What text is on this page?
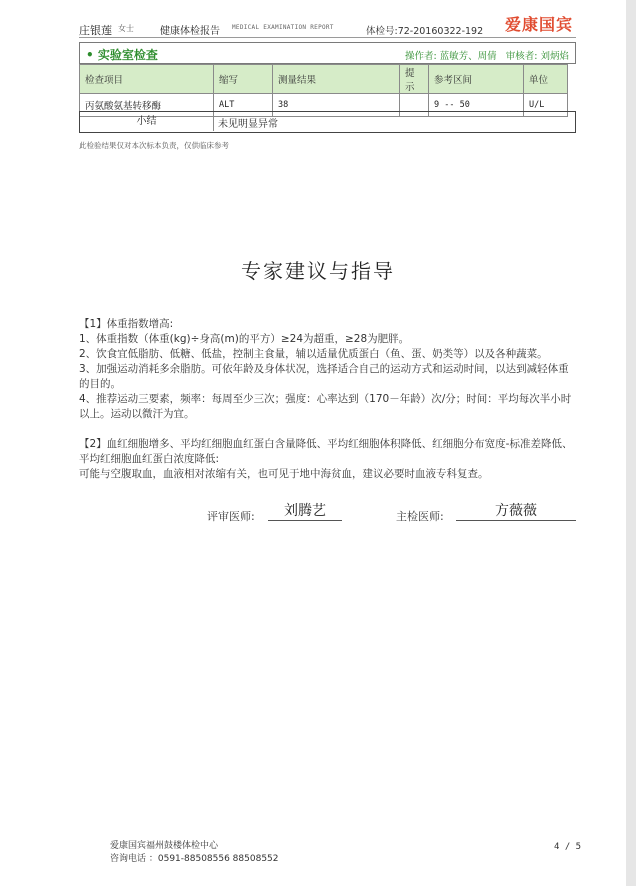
庄银莲 女士	健康体检报告 MEDICAL EXAMINATION REPORT	体检号:72-20160322-192 爱康国宾
• 实验室检查	操作者: 蓝敏芳、周倩 审核者: 刘炳焰
检查项目	缩写	测量结果	提示	参考区间	单位
丙氨酸氨基转移酶	ALT	38		9 -- 50	U/L
小结	未见明显异常
此检验结果仅对本次标本负责，仅供临床参考
专家建议与指导

【1】体重指数增高:

1、体重指数（体重(kg)÷身高(m)的平方）≥24为超重，≥28为肥胖。

2、饮食宜低脂肪、低糖、低盐，控制主食量，辅以适量优质蛋白（鱼、蛋、奶类等）以及各种蔬菜。

3、加强运动消耗多余脂肪。可依年龄及身体状况，选择适合自己的运动方式和运动时间，以达到减轻体重的目的。

4、推荐运动三要素，频率：每周至少三次；强度：心率达到（170－年龄）次/分；时间：平均每次半小时以上。运动以微汗为宜。

【2】血红细胞增多、平均红细胞血红蛋白含量降低、平均红细胞体积降低、红细胞分布宽度-标准差降低、平均红细胞血红蛋白浓度降低:

可能与空腹取血，血液相对浓缩有关，也可见于地中海贫血，建议必要时血液专科复查。

评审医师:	刘腾艺	主检医师:	方薇薇
爱康国宾福州鼓楼体检中心
咨询电话 ：0591-88508556 88508552
4 / 5
